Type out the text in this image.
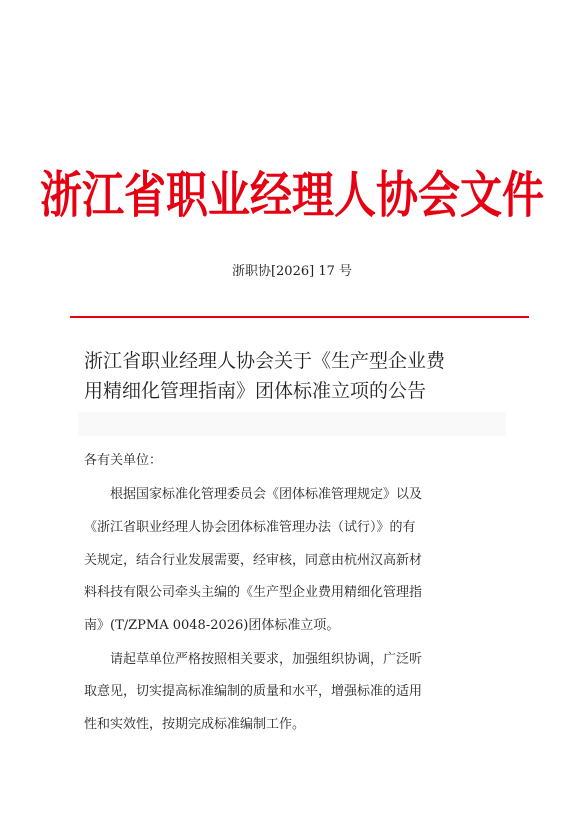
浙江省职业经理人协会文件
浙职协[2026] 17 号
浙江省职业经理人协会关于《生产型企业费
用精细化管理指南》团体标准立项的公告
各有关单位：
根据国家标准化管理委员会《团体标准管理规定》以及
《浙江省职业经理人协会团体标准管理办法（试行）》的有
关规定，结合行业发展需要，经审核，同意由杭州汉高新材
料科技有限公司牵头主编的《生产型企业费用精细化管理指
南》(T/ZPMA 0048-2026)团体标准立项。
请起草单位严格按照相关要求，加强组织协调，广泛听
取意见，切实提高标准编制的质量和水平，增强标准的适用
性和实效性，按期完成标准编制工作。
